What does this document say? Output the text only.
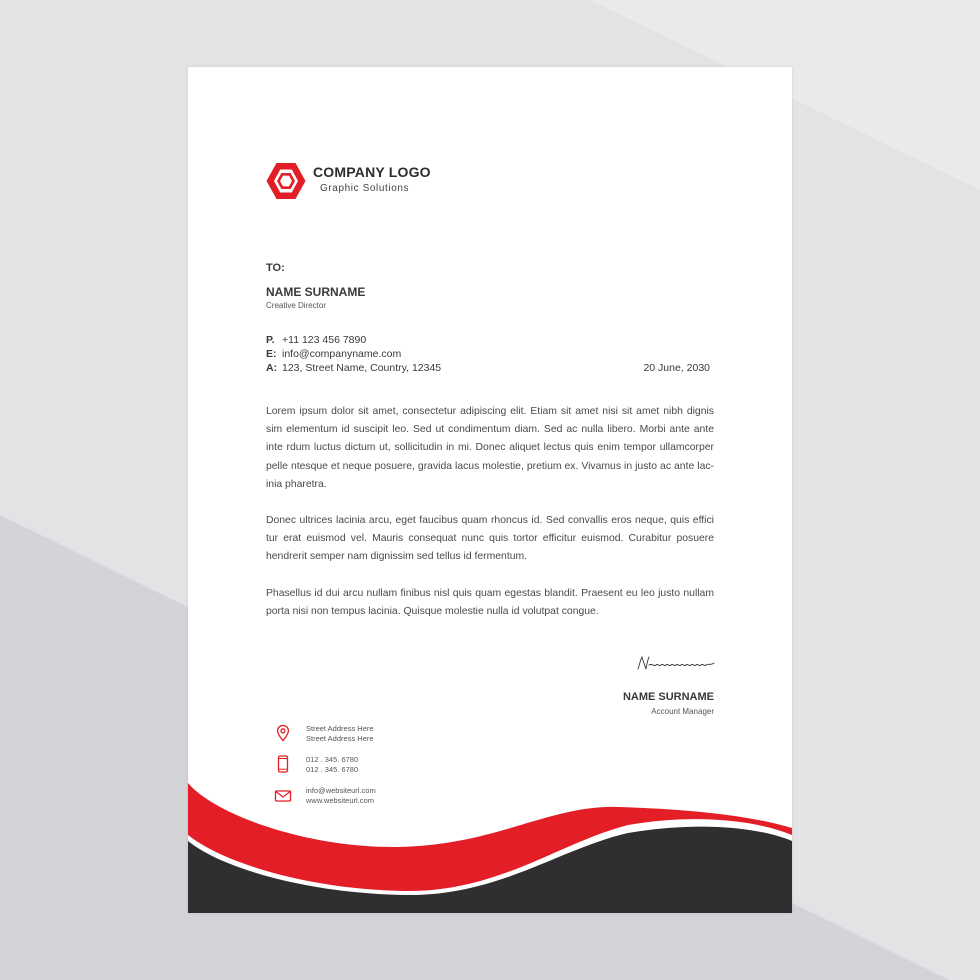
COMPANY LOGO
Graphic Solutions
TO:
NAME SURNAME
Creative Director
P. +11 123 456 7890
E: info@companyname.com
A: 123, Street Name, Country, 12345	20 June, 2030

Lorem ipsum dolor sit amet, consectetur adipiscing elit. Etiam sit amet nisi sit amet nibh dignis sim elementum id suscipit leo. Sed ut condimentum diam. Sed ac nulla libero. Morbi ante ante inte rdum luctus dictum ut, sollicitudin in mi. Donec aliquet lectus quis enim tempor ullamcorper pelle ntesque et neque posuere, gravida lacus molestie, pretium ex. Vivamus in justo ac ante lac- inia pharetra.

Donec ultrices lacinia arcu, eget faucibus quam rhoncus id. Sed convallis eros neque, quis effici tur erat euismod vel. Mauris consequat nunc quis tortor efficitur euismod. Curabitur posuere hendrerit semper nam dignissim sed tellus id fermentum.

Phasellus id dui arcu nullam finibus nisl quis quam egestas blandit. Praesent eu leo justo nullam porta nisi non tempus lacinia. Quisque molestie nulla id volutpat congue.

NAME SURNAME
Account Manager
Street Address Here
Street Address Here
012 . 345. 6780
012 . 345. 6780
info@websiteurl.com
www.websiteurl.com
